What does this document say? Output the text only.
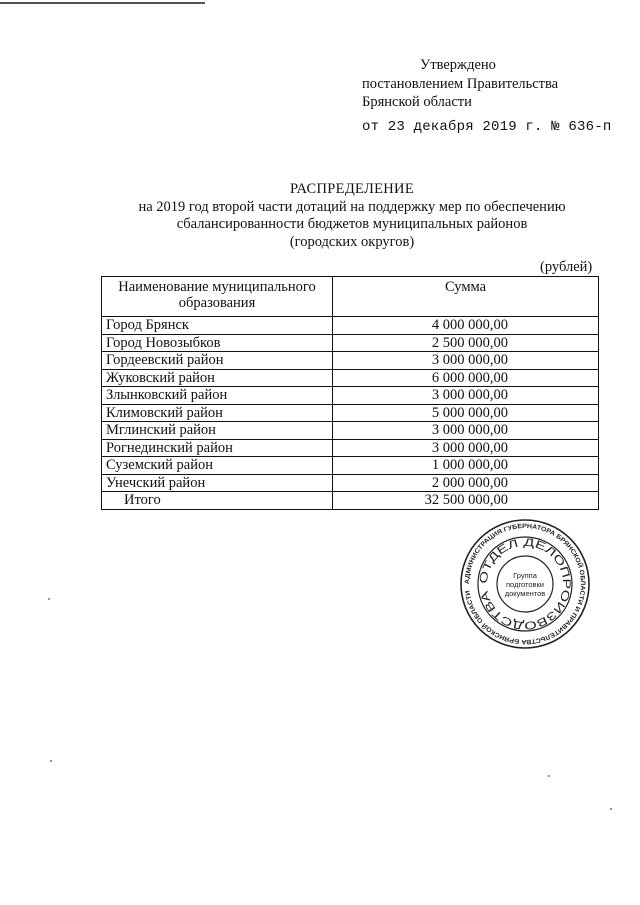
Утверждено
постановлением Правительства
Брянской области
от 23 декабря 2019 г. № 636-п
РАСПРЕДЕЛЕНИЕ
на 2019 год второй части дотаций на поддержку мер по обеспечению
сбалансированности бюджетов муниципальных районов
(городских округов)
(рублей)
Наименование муниципального образования	Сумма
Город Брянск	4 000 000,00
Город Новозыбков	2 500 000,00
Гордеевский район	3 000 000,00
Жуковский район	6 000 000,00
Злынковский район	3 000 000,00
Климовский район	5 000 000,00
Мглинский район	3 000 000,00
Рогнединский район	3 000 000,00
Суземский район	1 000 000,00
Унечский район	2 000 000,00
Итого	32 500 000,00
АДМИНИСТРАЦИЯ ГУБЕРНАТОРА БРЯНСКОЙ ОБЛАСТИ И ПРАВИТЕЛЬСТВА БРЯНСКОЙ ОБЛАСТИ
ОТДЕЛ ДЕЛОПРОИЗВОДСТВА
Группа
подготовки
документов
